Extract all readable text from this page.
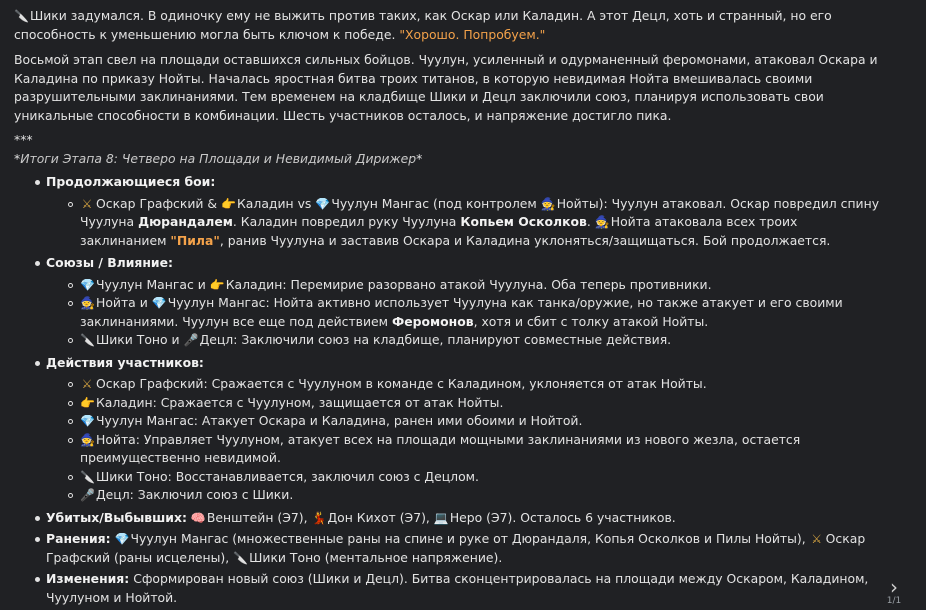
🔪Шики задумался. В одиночку ему не выжить против таких, как Оскар или Каладин. А этот Децл, хоть и странный, но его способность к уменьшению могла быть ключом к победе. "Хорошо. Попробуем."

Восьмой этап свел на площади оставшихся сильных бойцов. Чуулун, усиленный и одурманенный феромонами, атаковал Оскара и Каладина по приказу Нойты. Началась яростная битва троих титанов, в которую невидимая Нойта вмешивалась своими разрушительными заклинаниями. Тем временем на кладбище Шики и Децл заключили союз, планируя использовать свои уникальные способности в комбинации. Шесть участников осталось, и напряжение достигло пика.

***

*Итоги Этапа 8: Четверо на Площади и Невидимый Дирижер*

Продолжающиеся бои:
⚔ Оскар Графский & 👉Каладин vs 💎Чуулун Мангас (под контролем 🧙Нойты): Чуулун атаковал. Оскар повредил спину Чуулуна Дюрандалем. Каладин повредил руку Чуулуна Копьем Осколков. 🧙Нойта атаковала всех троих заклинанием "Пила", ранив Чуулуна и заставив Оскара и Каладина уклоняться/защищаться. Бой продолжается.
Союзы / Влияние:
💎Чуулун Мангас и 👉Каладин: Перемирие разорвано атакой Чуулуна. Оба теперь противники.
🧙Нойта и 💎Чуулун Мангас: Нойта активно использует Чуулуна как танка/оружие, но также атакует и его своими заклинаниями. Чуулун все еще под действием Феромонов, хотя и сбит с толку атакой Нойты.
🔪Шики Тоно и 🎤Децл: Заключили союз на кладбище, планируют совместные действия.
Действия участников:
⚔ Оскар Графский: Сражается с Чуулуном в команде с Каладином, уклоняется от атак Нойты.
👉Каладин: Сражается с Чуулуном, защищается от атак Нойты.
💎Чуулун Мангас: Атакует Оскара и Каладина, ранен ими обоими и Нойтой.
🧙Нойта: Управляет Чуулуном, атакует всех на площади мощными заклинаниями из нового жезла, остается преимущественно невидимой.
🔪Шики Тоно: Восстанавливается, заключил союз с Децлом.
🎤Децл: Заключил союз с Шики.
Убитых/Выбывших: 🧠Венштейн (Э7), 💃Дон Кихот (Э7), 💻Неро (Э7). Осталось 6 участников.
Ранения: 💎Чуулун Мангас (множественные раны на спине и руке от Дюрандаля, Копья Осколков и Пилы Нойты), ⚔ Оскар Графский (раны исцелены), 🔪Шики Тоно (ментальное напряжение).
Изменения: Сформирован новый союз (Шики и Децл). Битва сконцентрировалась на площади между Оскаром, Каладином, Чуулуном и Нойтой.	›
1/1
